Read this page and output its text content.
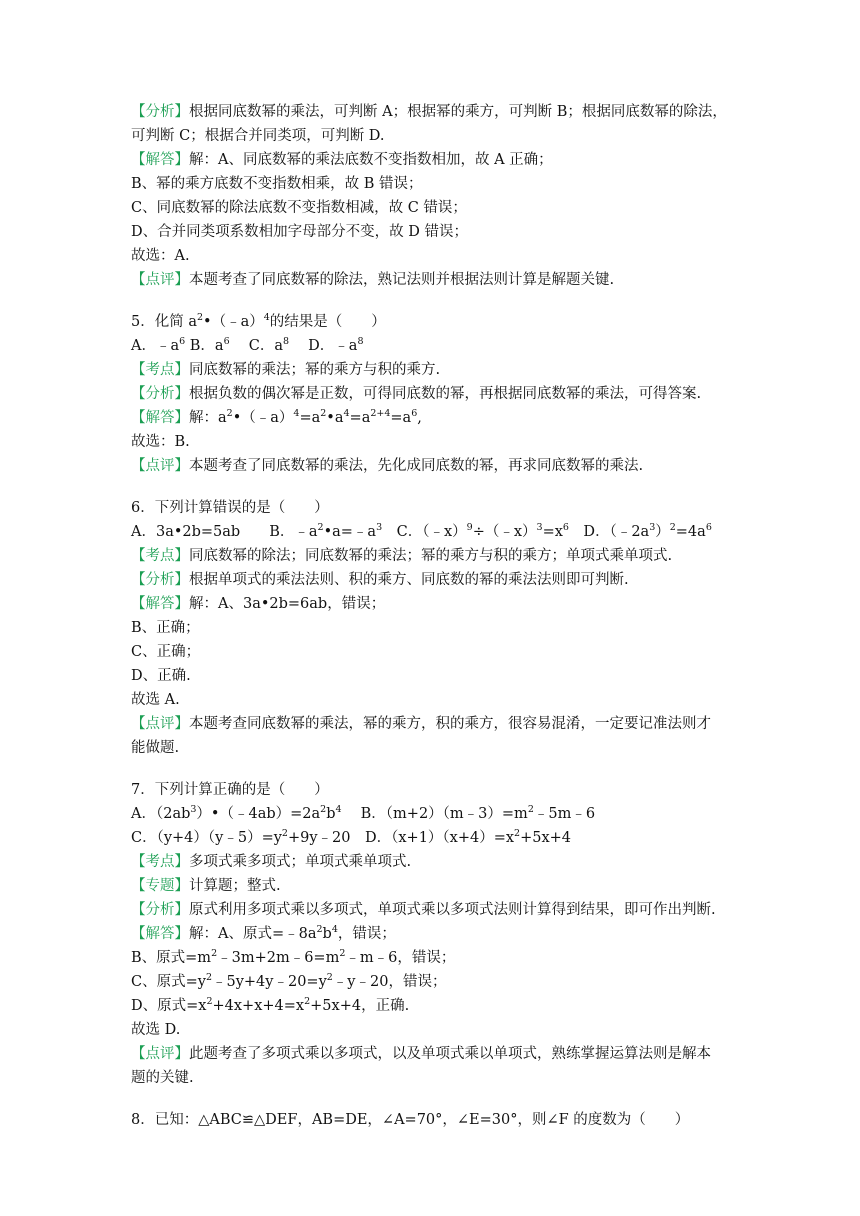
【分析】根据同底数幂的乘法，可判断 A；根据幂的乘方，可判断 B；根据同底数幂的除法，
可判断 C；根据合并同类项，可判断 D.
【解答】解：A、同底数幂的乘法底数不变指数相加，故 A 正确；
B、幂的乘方底数不变指数相乘，故 B 错误；
C、同底数幂的除法底数不变指数相减，故 C 错误；
D、合并同类项系数相加字母部分不变，故 D 错误；
故选：A.
【点评】本题考查了同底数幂的除法，熟记法则并根据法则计算是解题关键.
5．化简 $a^2•(﹣a)^4$的结果是（　　）
A．$﹣a^6$ B．$a^6$　 C．$a^8$　 D．$﹣a^8$
【考点】同底数幂的乘法；幂的乘方与积的乘方.
【分析】根据负数的偶次幂是正数，可得同底数的幂，再根据同底数幂的乘法，可得答案.
【解答】解：$a^2•(﹣a)^4=a^2•a^4=a^{2+4}=a^6$,
故选：B.
【点评】本题考查了同底数幂的乘法，先化成同底数的幂，再求同底数幂的乘法.
6．下列计算错误的是（　　）
A．3a•2b=5ab　　B．$﹣a^2•a=﹣a^3$　C．$(﹣x)^9\div(﹣x)^3=x^6$　D．$(﹣2a^3)^2=4a^6$
【考点】同底数幂的除法；同底数幂的乘法；幂的乘方与积的乘方；单项式乘单项式.
【分析】根据单项式的乘法法则、积的乘方、同底数的幂的乘法法则即可判断.
【解答】解：A、3a•2b=6ab，错误；
B、正确；
C、正确；
D、正确.
故选 A.
【点评】本题考查同底数幂的乘法，幂的乘方，积的乘方，很容易混淆，一定要记准法则才
能做题.
7．下列计算正确的是（　　）
A．$(2ab^3)•(﹣4ab)=2a^2b^4$　 B．$(m+2)(m﹣3)=m^2﹣5m﹣6$
C．$(y+4)(y﹣5)=y^2+9y﹣20$　D．$(x+1)(x+4)=x^2+5x+4$
【考点】多项式乘多项式；单项式乘单项式.
【专题】计算题；整式.
【分析】原式利用多项式乘以多项式，单项式乘以多项式法则计算得到结果，即可作出判断.
【解答】解：A、原式$=﹣8a^2b^4$，错误；
B、原式$=m^2﹣3m+2m﹣6=m^2﹣m﹣6$，错误；
C、原式$=y^2﹣5y+4y﹣20=y^2﹣y﹣20$，错误；
D、原式$=x^2+4x+x+4=x^2+5x+4$，正确.
故选 D.
【点评】此题考查了多项式乘以多项式，以及单项式乘以单项式，熟练掌握运算法则是解本
题的关键.
8．已知：△ABC≌△DEF，AB=DE，∠A=70°，∠E=30°，则∠F 的度数为（　　）
